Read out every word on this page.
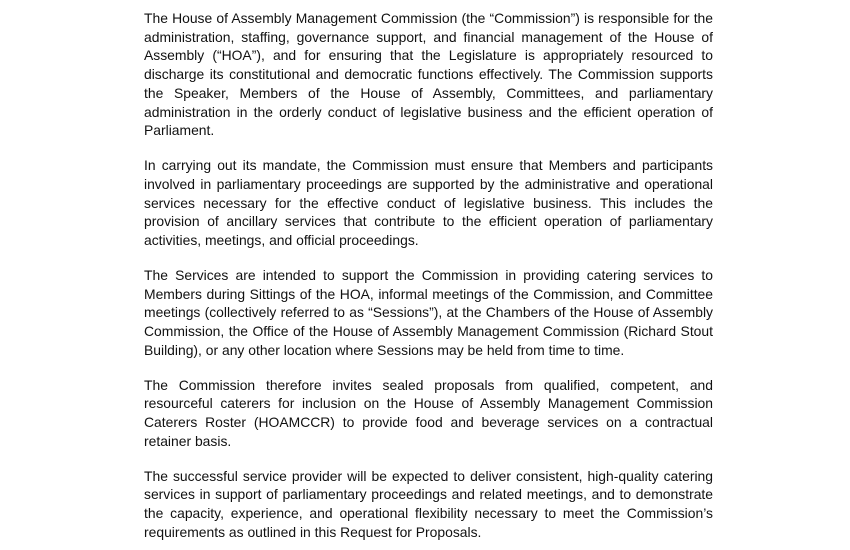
The House of Assembly Management Commission (the “Commission”) is responsible for the administration, staffing, governance support, and financial management of the House of Assembly (“HOA”), and for ensuring that the Legislature is appropriately resourced to discharge its constitutional and democratic functions effectively. The Commission supports the Speaker, Members of the House of Assembly, Committees, and parliamentary administration in the orderly conduct of legislative business and the efficient operation of Parliament.

In carrying out its mandate, the Commission must ensure that Members and participants involved in parliamentary proceedings are supported by the administrative and operational services necessary for the effective conduct of legislative business. This includes the provision of ancillary services that contribute to the efficient operation of parliamentary activities, meetings, and official proceedings.

The Services are intended to support the Commission in providing catering services to Members during Sittings of the HOA, informal meetings of the Commission, and Committee meetings (collectively referred to as “Sessions”), at the Chambers of the House of Assembly Commission, the Office of the House of Assembly Management Commission (Richard Stout Building), or any other location where Sessions may be held from time to time.

The Commission therefore invites sealed proposals from qualified, competent, and resourceful caterers for inclusion on the House of Assembly Management Commission Caterers Roster (HOAMCCR) to provide food and beverage services on a contractual retainer basis.

The successful service provider will be expected to deliver consistent, high-quality catering services in support of parliamentary proceedings and related meetings, and to demonstrate the capacity, experience, and operational flexibility necessary to meet the Commission’s requirements as outlined in this Request for Proposals.
